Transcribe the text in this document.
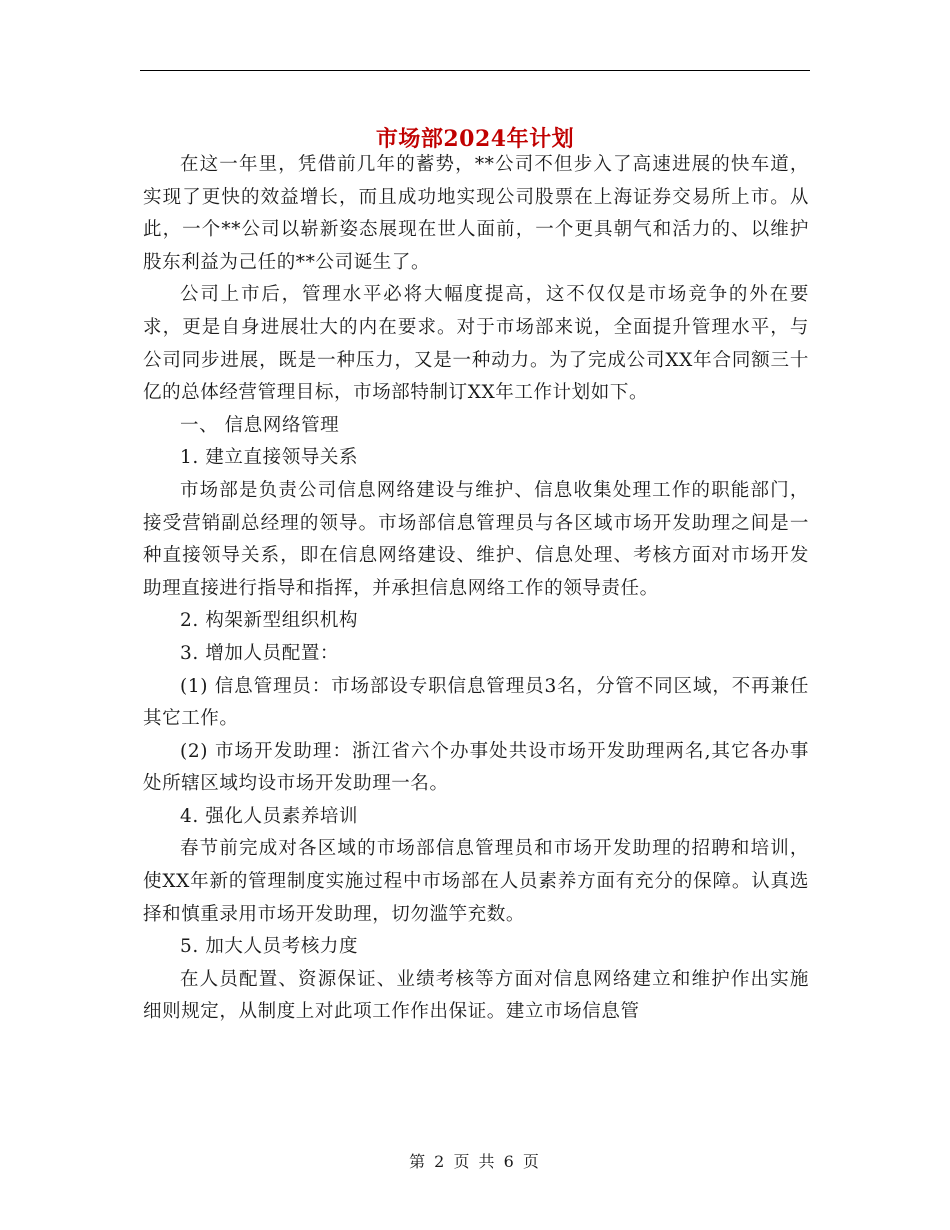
市场部2024年计划

在这一年里，凭借前几年的蓄势，**公司不但步入了高速进展的快车道，实现了更快的效益增长，而且成功地实现公司股票在上海证券交易所上市。从此，一个**公司以崭新姿态展现在世人面前，一个更具朝气和活力的、以维护股东利益为己任的**公司诞生了。

公司上市后，管理水平必将大幅度提高，这不仅仅是市场竞争的外在要求，更是自身进展壮大的内在要求。对于市场部来说，全面提升管理水平，与公司同步进展，既是一种压力，又是一种动力。为了完成公司XX年合同额三十亿的总体经营管理目标，市场部特制订XX年工作计划如下。

一、 信息网络管理

1. 建立直接领导关系

市场部是负责公司信息网络建设与维护、信息收集处理工作的职能部门，接受营销副总经理的领导。市场部信息管理员与各区域市场开发助理之间是一种直接领导关系，即在信息网络建设、维护、信息处理、考核方面对市场开发助理直接进行指导和指挥，并承担信息网络工作的领导责任。

2. 构架新型组织机构

3. 增加人员配置：

(1) 信息管理员：市场部设专职信息管理员3名，分管不同区域，不再兼任其它工作。

(2) 市场开发助理：浙江省六个办事处共设市场开发助理两名,其它各办事处所辖区域均设市场开发助理一名。

4. 强化人员素养培训

春节前完成对各区域的市场部信息管理员和市场开发助理的招聘和培训，使XX年新的管理制度实施过程中市场部在人员素养方面有充分的保障。认真选择和慎重录用市场开发助理，切勿滥竽充数。

5. 加大人员考核力度

在人员配置、资源保证、业绩考核等方面对信息网络建立和维护作出实施细则规定，从制度上对此项工作作出保证。建立市场信息管

第 2 页 共 6 页
